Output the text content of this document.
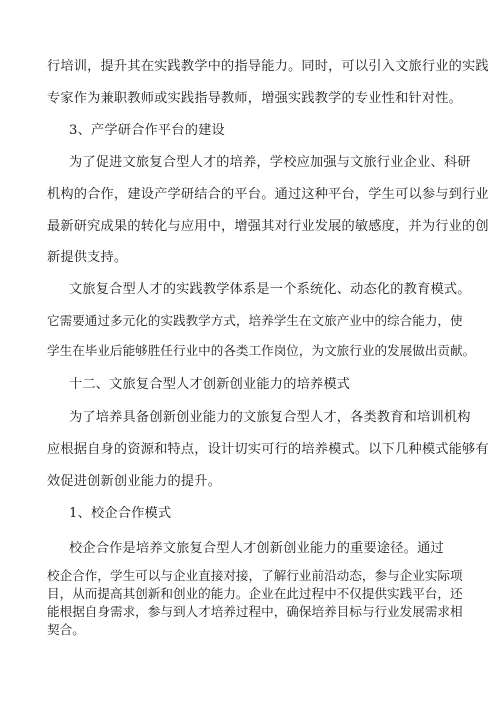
行培训，提升其在实践教学中的指导能力。同时，可以引入文旅行业的实践
专家作为兼职教师或实践指导教师，增强实践教学的专业性和针对性。
3、产学研合作平台的建设
为了促进文旅复合型人才的培养，学校应加强与文旅行业企业、科研
机构的合作，建设产学研结合的平台。通过这种平台，学生可以参与到行业
最新研究成果的转化与应用中，增强其对行业发展的敏感度，并为行业的创
新提供支持。
文旅复合型人才的实践教学体系是一个系统化、动态化的教育模式。
它需要通过多元化的实践教学方式，培养学生在文旅产业中的综合能力，使
学生在毕业后能够胜任行业中的各类工作岗位，为文旅行业的发展做出贡献。
十二、文旅复合型人才创新创业能力的培养模式
为了培养具备创新创业能力的文旅复合型人才，各类教育和培训机构
应根据自身的资源和特点，设计切实可行的培养模式。以下几种模式能够有
效促进创新创业能力的提升。
1、校企合作模式
校企合作是培养文旅复合型人才创新创业能力的重要途径。通过
校企合作，学生可以与企业直接对接，了解行业前沿动态，参与企业实际项
目，从而提高其创新和创业的能力。企业在此过程中不仅提供实践平台，还
能根据自身需求，参与到人才培养过程中，确保培养目标与行业发展需求相
契合。
